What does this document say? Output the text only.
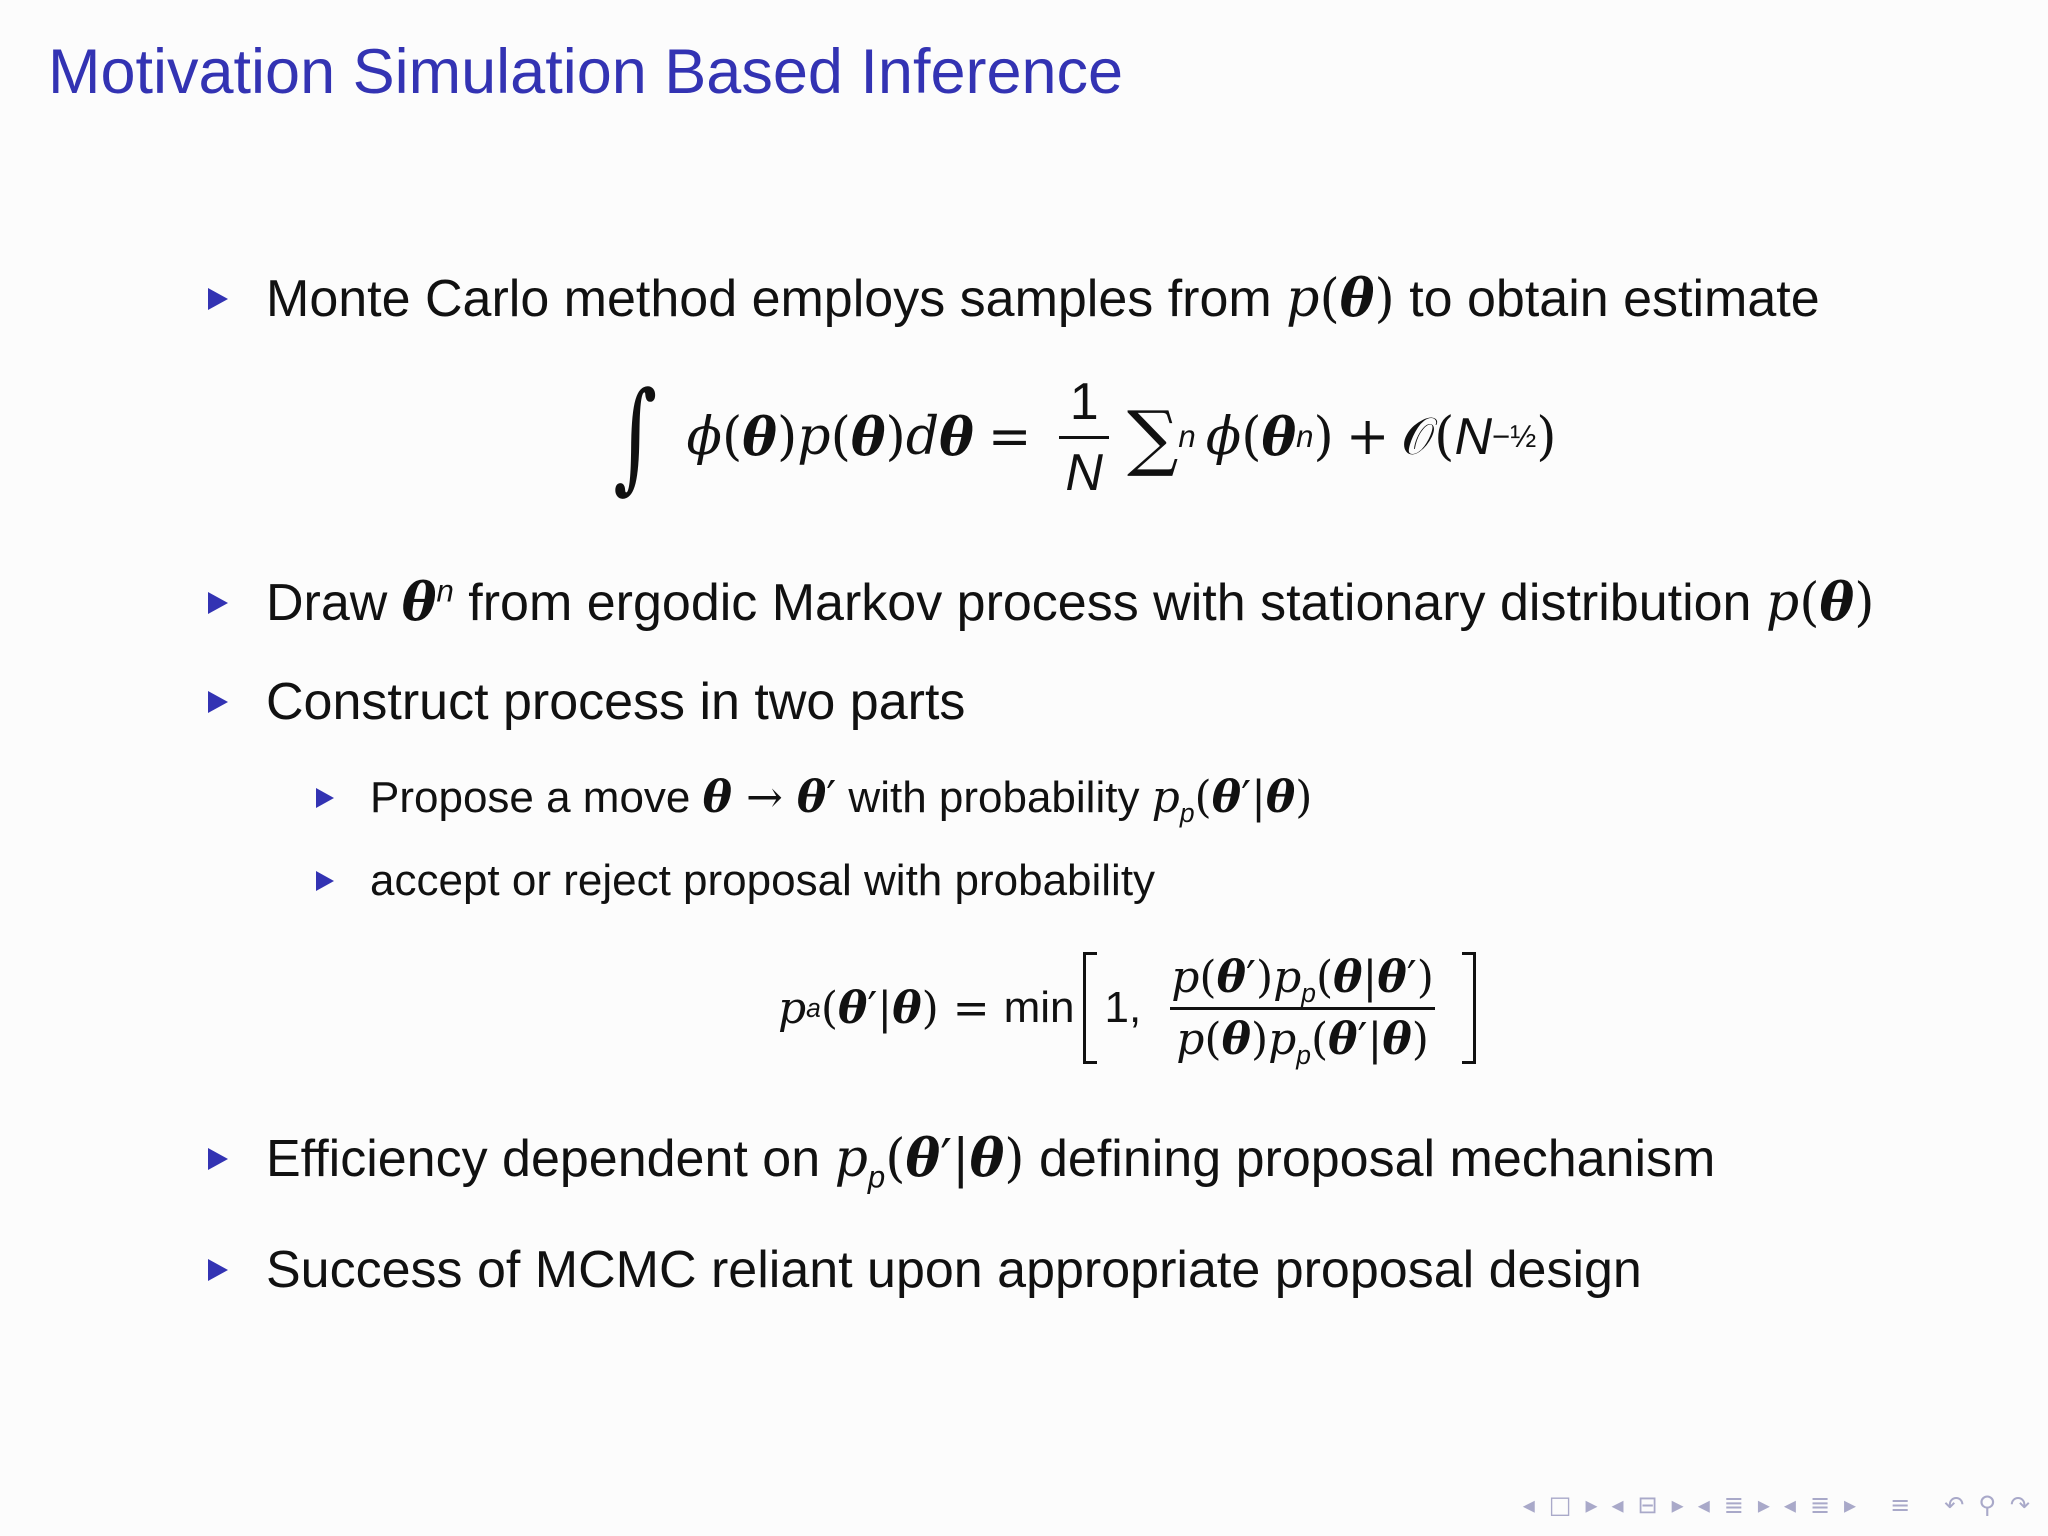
Motivation Simulation Based Inference
Monte Carlo method employs samples from p(θ) to obtain estimate
∫ ϕ ( θ ) p ( θ ) d $\theta = \frac{1}{N}$ ∑ n ϕ ( θ n ) + 𝒪 ( N −½ )
Draw $\theta^n$ from ergodic Markov process with stationary distribution p(θ)
Construct process in two parts
Propose a move θ → θ′ with probability $p_p(\theta'|\theta)$
accept or reject proposal with probability
p a ( θ ′ | θ ) = min 1, $\frac{p(\theta')p_p(\theta|\theta')}{p(\theta)p_p(\theta'|\theta)}$
Efficiency dependent on $p_p(\theta'|\theta)$ defining proposal mechanism
Success of MCMC reliant upon appropriate proposal design
◂ □ ▸ ◂ ⊟ ▸ ◂ ≣ ▸ ◂ ≣ ▸ ≡ ↶ ⚲ ↷
